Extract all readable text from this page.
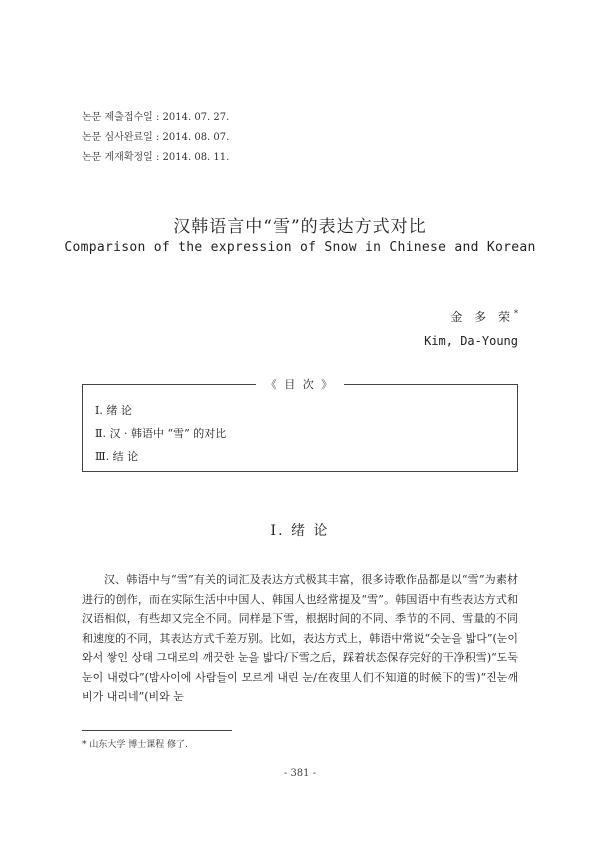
논문 제출접수일 : 2014. 07. 27.
논문 심사완료일 : 2014. 08. 07.
논문 게재확정일 : 2014. 08. 11.
汉韩语言中“雪”的表达方式对比
Comparison of the expression of Snow in Chinese and Korean
金 多 荣*
Kim, Da-Young
《 目 次 》
Ⅰ. 绪 论
Ⅱ. 汉 · 韩语中 “雪” 的对比
Ⅲ. 结 论
Ⅰ. 绪 论
汉、韩语中与“雪”有关的词汇及表达方式极其丰富，很多诗歌作品都是以“雪”为素材进行的创作，而在实际生活中中国人、韩国人也经常提及“雪”。韩国语中有些表达方式和汉语相似，有些却又完全不同。同样是下雪，根据时间的不同、季节的不同、雪量的不同和速度的不同，其表达方式千差万别。比如，表达方式上，韩语中常说“숫눈을 밟다”(눈이 와서 쌓인 상태 그대로의 깨끗한 눈을 밟다/下雪之后，踩着状态保存完好的干净积雪)“도둑눈이 내렸다”(밤사이에 사람들이 모르게 내린 눈/在夜里人们不知道的时候下的雪)“진눈깨비가 내리네”(비와 눈
* 山东大学 博士课程 修了.
- 381 -
